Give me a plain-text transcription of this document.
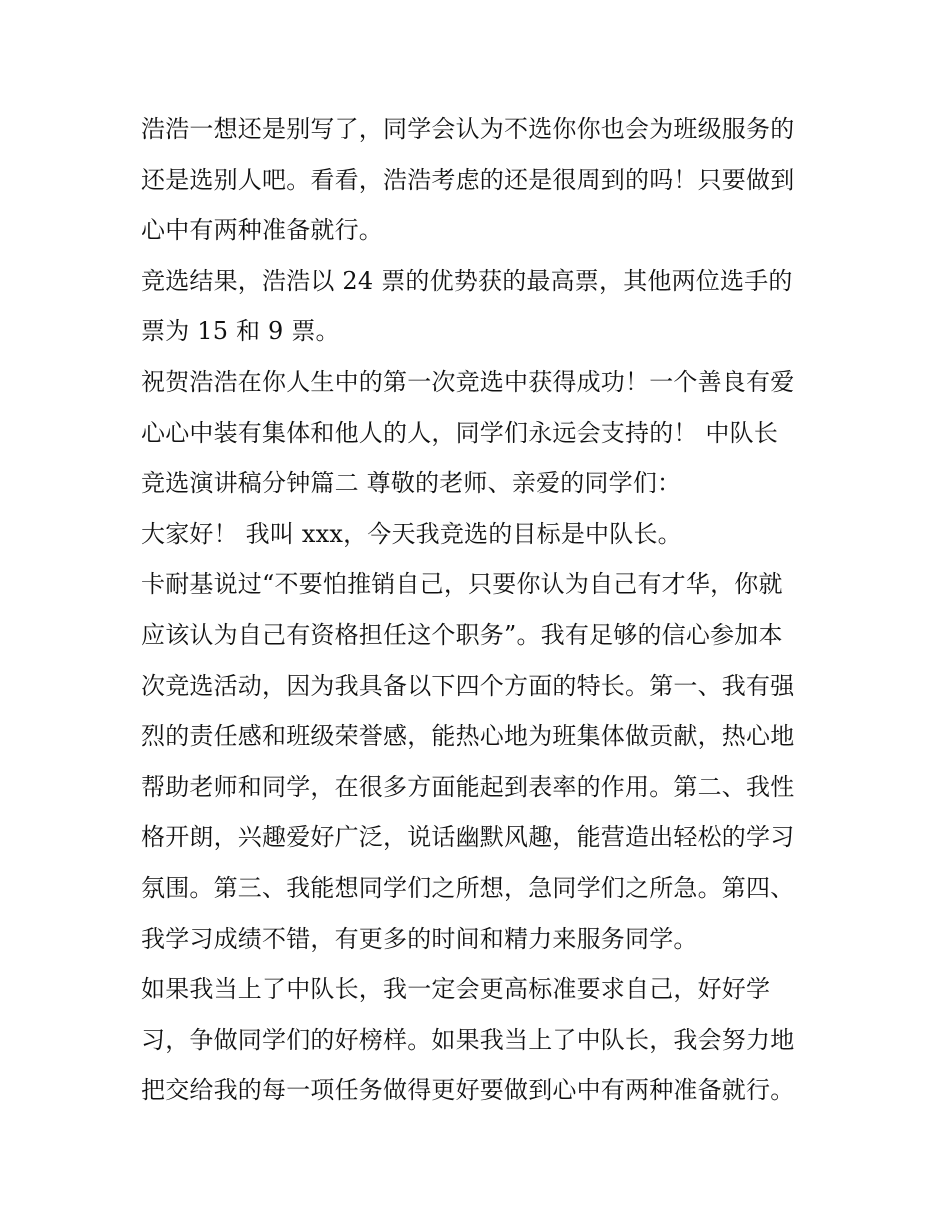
浩浩一想还是别写了，同学会认为不选你你也会为班级服务的
还是选别人吧。看看，浩浩考虑的还是很周到的吗！只要做到
心中有两种准备就行。
竞选结果，浩浩以 24 票的优势获的最高票，其他两位选手的
票为 15 和 9 票。
祝贺浩浩在你人生中的第一次竞选中获得成功！一个善良有爱
心心中装有集体和他人的人，同学们永远会支持的！ 中队长
竞选演讲稿分钟篇二 尊敬的老师、亲爱的同学们：
大家好！ 我叫 xxx，今天我竞选的目标是中队长。
卡耐基说过“不要怕推销自己，只要你认为自己有才华，你就
应该认为自己有资格担任这个职务”。我有足够的信心参加本
次竞选活动，因为我具备以下四个方面的特长。第一、我有强
烈的责任感和班级荣誉感，能热心地为班集体做贡献，热心地
帮助老师和同学，在很多方面能起到表率的作用。第二、我性
格开朗，兴趣爱好广泛，说话幽默风趣，能营造出轻松的学习
氛围。第三、我能想同学们之所想，急同学们之所急。第四、
我学习成绩不错，有更多的时间和精力来服务同学。
如果我当上了中队长，我一定会更高标准要求自己，好好学
习，争做同学们的好榜样。如果我当上了中队长，我会努力地
把交给我的每一项任务做得更好要做到心中有两种准备就行。
